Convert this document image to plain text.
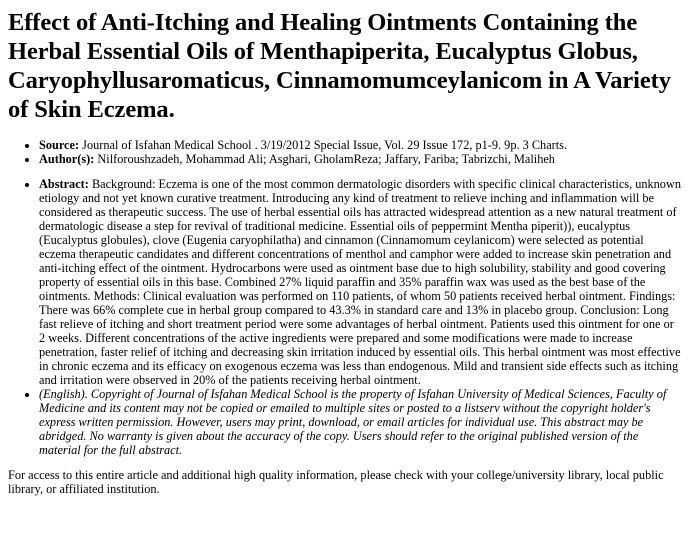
Effect of Anti-Itching and Healing Ointments Containing the Herbal Essential Oils of Menthapiperita, Eucalyptus Globus, Caryophyllusaromaticus, Cinnamomumceylanicom in A Variety of Skin Eczema.
• Source: Journal of Isfahan Medical School . 3/19/2012 Special Issue, Vol. 29 Issue 172, p1-9. 9p. 3 Charts.
• Author(s): Nilforoushzadeh, Mohammad Ali; Asghari, GholamReza; Jaffary, Fariba; Tabrizchi, Maliheh
• Abstract: Background: Eczema is one of the most common dermatologic disorders with specific clinical characteristics, unknown etiology and not yet known curative treatment. Introducing any kind of treatment to relieve inching and inflammation will be considered as therapeutic success. The use of herbal essential oils has attracted widespread attention as a new natural treatment of dermatologic disease a step for revival of traditional medicine. Essential oils of peppermint Mentha piperit)), eucalyptus (Eucalyptus globules), clove (Eugenia caryophilatha) and cinnamon (Cinnamomum ceylanicom) were selected as potential eczema therapeutic candidates and different concentrations of menthol and camphor were added to increase skin penetration and anti-itching effect of the ointment. Hydrocarbons were used as ointment base due to high solubility, stability and good covering property of essential oils in this base. Combined 27% liquid paraffin and 35% paraffin wax was used as the best base of the ointments. Methods: Clinical evaluation was performed on 110 patients, of whom 50 patients received herbal ointment. Findings: There was 66% complete cue in herbal group compared to 43.3% in standard care and 13% in placebo group. Conclusion: Long fast relieve of itching and short treatment period were some advantages of herbal ointment. Patients used this ointment for one or 2 weeks. Different concentrations of the active ingredients were prepared and some modifications were made to increase penetration, faster relief of itching and decreasing skin irritation induced by essential oils. This herbal ointment was most effective in chronic eczema and its efficacy on exogenous eczema was less than endogenous. Mild and transient side effects such as itching and irritation were observed in 20% of the patients receiving herbal ointment.
• (English). Copyright of Journal of Isfahan Medical School is the property of Isfahan University of Medical Sciences, Faculty of Medicine and its content may not be copied or emailed to multiple sites or posted to a listserv without the copyright holder's express written permission. However, users may print, download, or email articles for individual use. This abstract may be abridged. No warranty is given about the accuracy of the copy. Users should refer to the original published version of the material for the full abstract.

For access to this entire article and additional high quality information, please check with your college/university library, local public library, or affiliated institution.
